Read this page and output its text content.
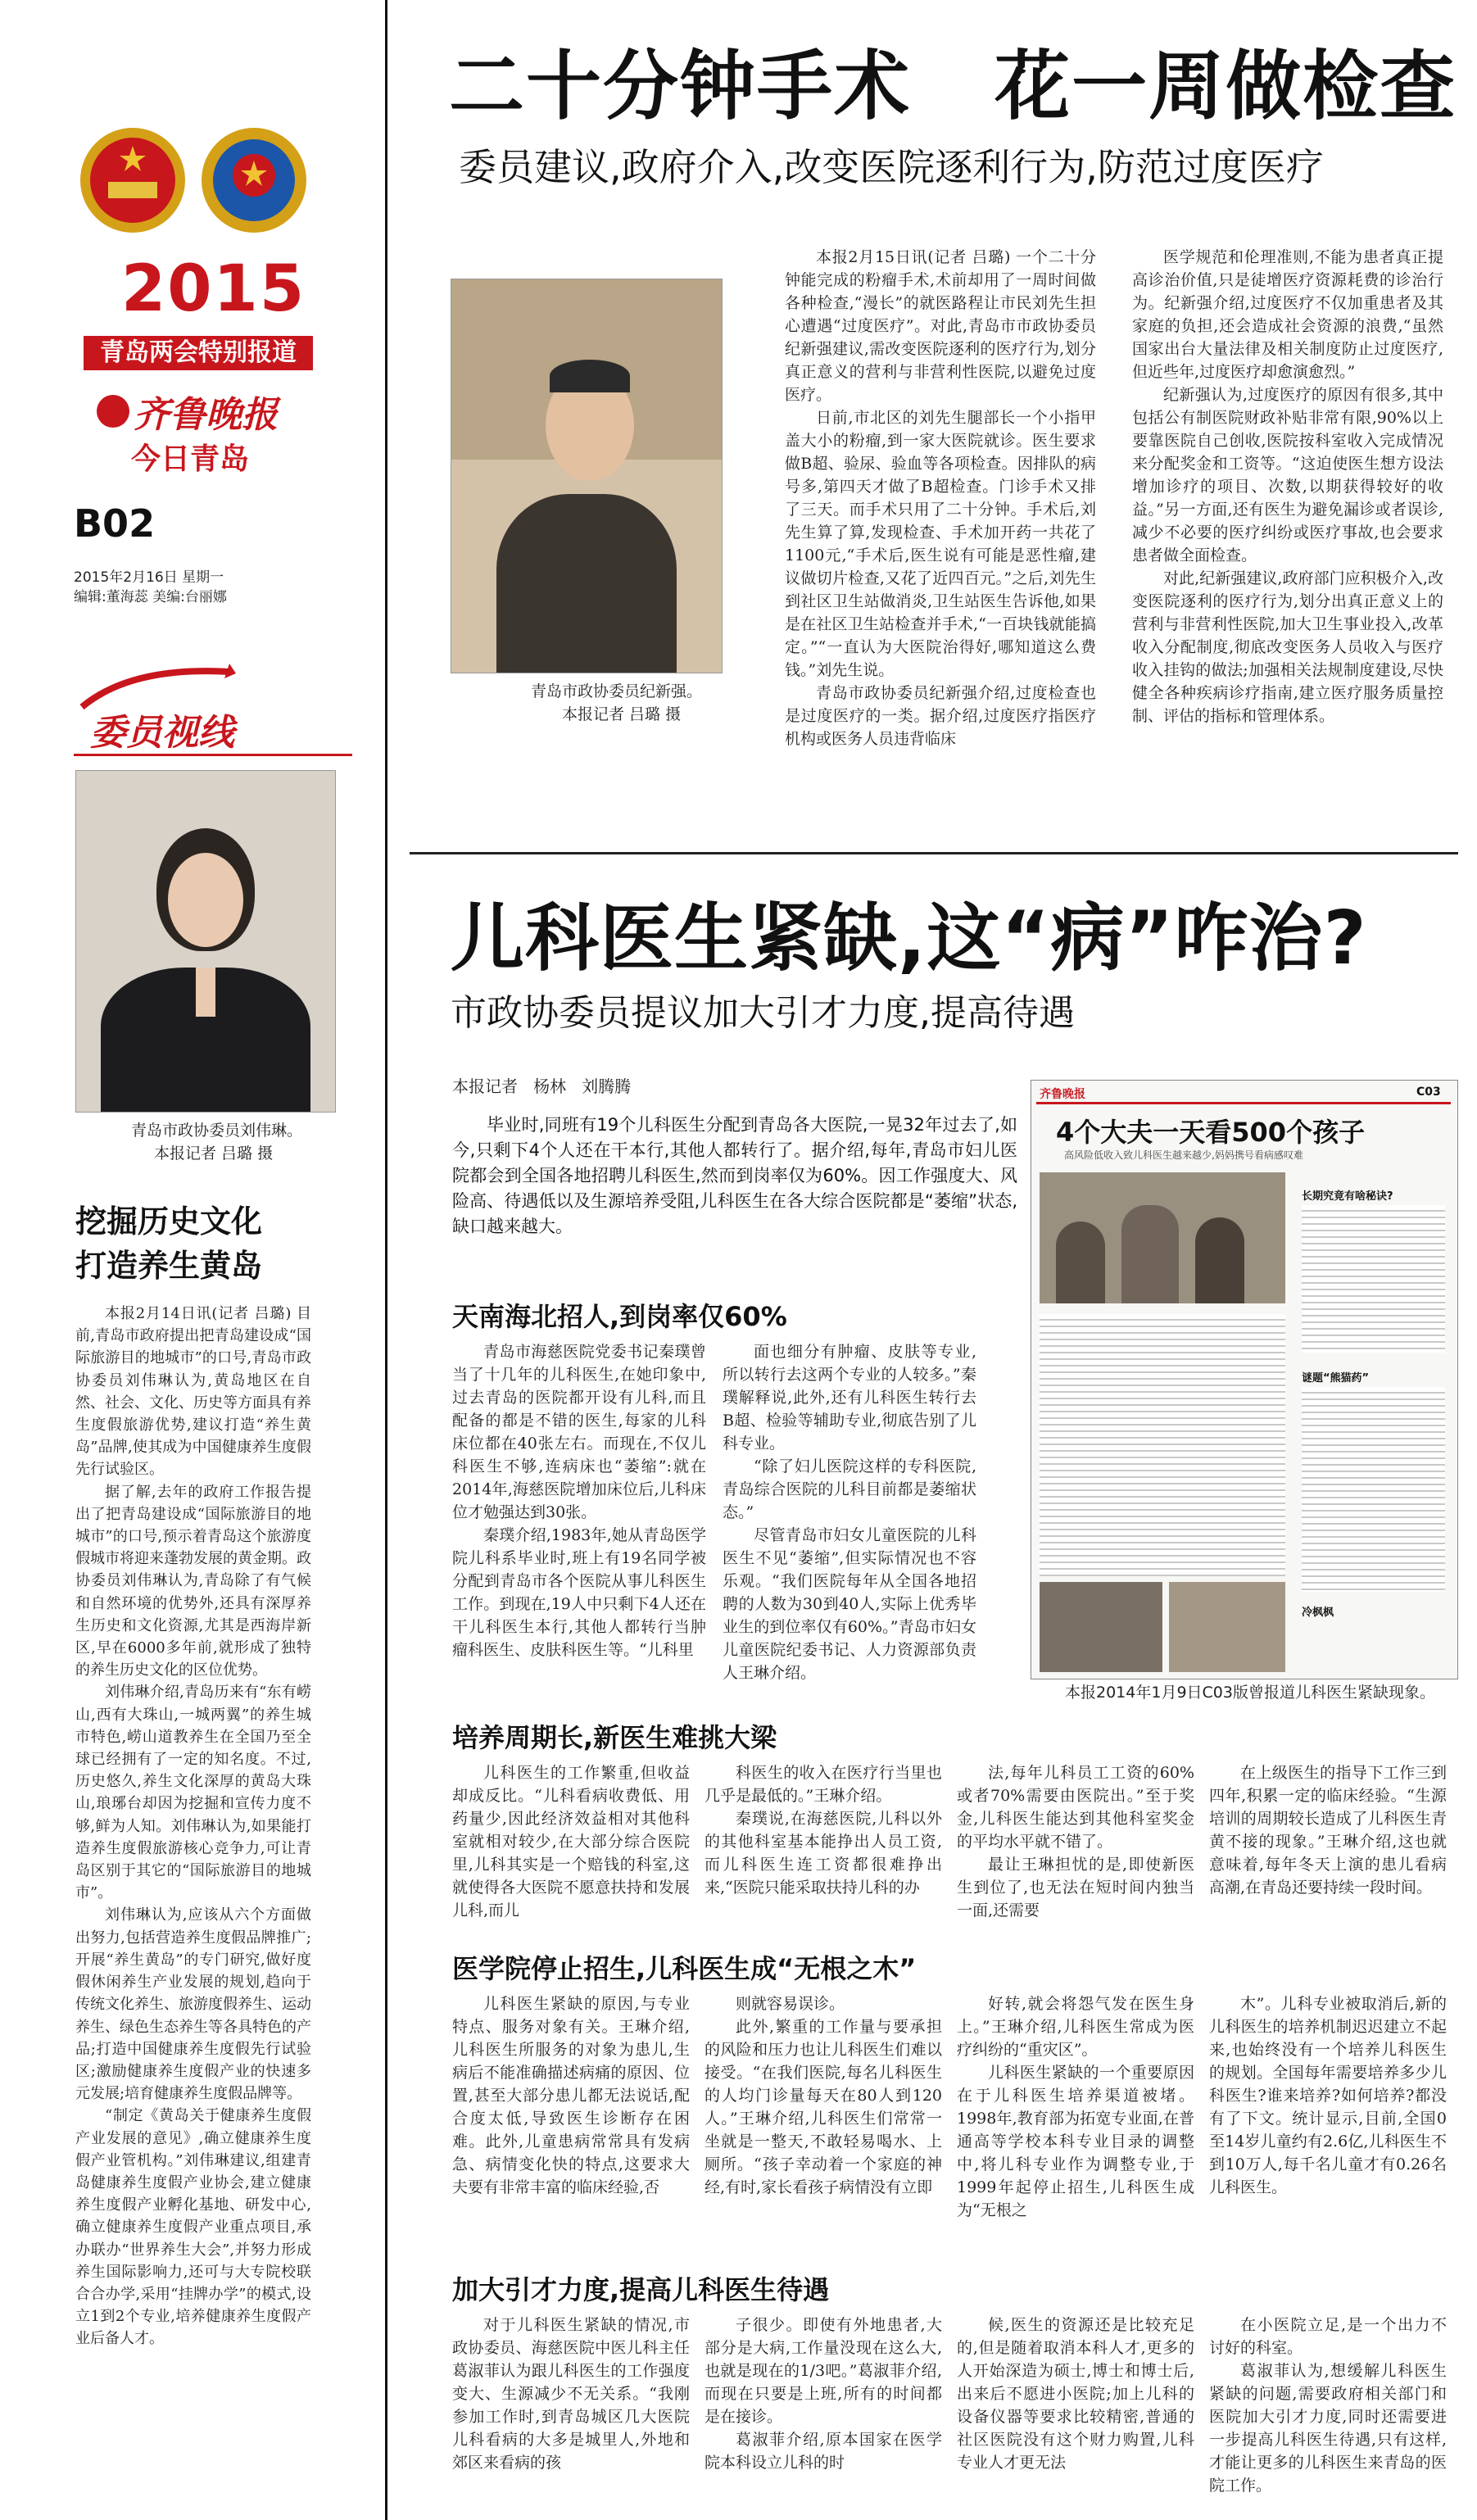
2015
青岛两会特别报道
齐鲁晚报
今日青岛
B02
2015年2月16日 星期一
编辑:董海蕊 美编:台丽娜
委员视线
青岛市政协委员刘伟琳。
本报记者 吕璐 摄
挖掘历史文化
打造养生黄岛

本报2月14日讯(记者 吕璐) 目前,青岛市政府提出把青岛建设成“国际旅游目的地城市”的口号,青岛市政协委员刘伟琳认为,黄岛地区在自然、社会、文化、历史等方面具有养生度假旅游优势,建议打造“养生黄岛”品牌,使其成为中国健康养生度假先行试验区。

据了解,去年的政府工作报告提出了把青岛建设成“国际旅游目的地城市”的口号,预示着青岛这个旅游度假城市将迎来蓬勃发展的黄金期。政协委员刘伟琳认为,青岛除了有气候和自然环境的优势外,还具有深厚养生历史和文化资源,尤其是西海岸新区,早在6000多年前,就形成了独特的养生历史文化的区位优势。

刘伟琳介绍,青岛历来有“东有崂山,西有大珠山,一城两翼”的养生城市特色,崂山道教养生在全国乃至全球已经拥有了一定的知名度。不过,历史悠久,养生文化深厚的黄岛大珠山,琅琊台却因为挖掘和宣传力度不够,鲜为人知。刘伟琳认为,如果能打造养生度假旅游核心竞争力,可让青岛区别于其它的“国际旅游目的地城市”。

刘伟琳认为,应该从六个方面做出努力,包括营造养生度假品牌推广;开展“养生黄岛”的专门研究,做好度假休闲养生产业发展的规划,趋向于传统文化养生、旅游度假养生、运动养生、绿色生态养生等各具特色的产品;打造中国健康养生度假先行试验区;激励健康养生度假产业的快速多元发展;培育健康养生度假品牌等。

“制定《黄岛关于健康养生度假产业发展的意见》,确立健康养生度假产业管机构。”刘伟琳建议,组建青岛健康养生度假产业协会,建立健康养生度假产业孵化基地、研发中心,确立健康养生度假产业重点项目,承办联办“世界养生大会”,并努力形成养生国际影响力,还可与大专院校联合合办学,采用“挂牌办学”的模式,设立1到2个专业,培养健康养生度假产业后备人才。

二十分钟手术   花一周做检查
委员建议,政府介入,改变医院逐利行为,防范过度医疗
青岛市政协委员纪新强。
本报记者 吕璐 摄

本报2月15日讯(记者 吕璐) 一个二十分钟能完成的粉瘤手术,术前却用了一周时间做各种检查,“漫长”的就医路程让市民刘先生担心遭遇“过度医疗”。对此,青岛市市政协委员纪新强建议,需改变医院逐利的医疗行为,划分真正意义的营利与非营利性医院,以避免过度医疗。

日前,市北区的刘先生腿部长一个小指甲盖大小的粉瘤,到一家大医院就诊。医生要求做B超、验尿、验血等各项检查。因排队的病号多,第四天才做了B超检查。门诊手术又排了三天。而手术只用了二十分钟。手术后,刘先生算了算,发现检查、手术加开药一共花了1100元,“手术后,医生说有可能是恶性瘤,建议做切片检查,又花了近四百元。”之后,刘先生到社区卫生站做消炎,卫生站医生告诉他,如果是在社区卫生站检查并手术,“一百块钱就能搞定。”“一直认为大医院治得好,哪知道这么费钱。”刘先生说。

青岛市政协委员纪新强介绍,过度检查也是过度医疗的一类。据介绍,过度医疗指医疗机构或医务人员违背临床

医学规范和伦理准则,不能为患者真正提高诊治价值,只是徒增医疗资源耗费的诊治行为。纪新强介绍,过度医疗不仅加重患者及其家庭的负担,还会造成社会资源的浪费,“虽然国家出台大量法律及相关制度防止过度医疗,但近些年,过度医疗却愈演愈烈。”

纪新强认为,过度医疗的原因有很多,其中包括公有制医院财政补贴非常有限,90%以上要靠医院自己创收,医院按科室收入完成情况来分配奖金和工资等。“这迫使医生想方设法增加诊疗的项目、次数,以期获得较好的收益。”另一方面,还有医生为避免漏诊或者误诊,减少不必要的医疗纠纷或医疗事故,也会要求患者做全面检查。

对此,纪新强建议,政府部门应积极介入,改变医院逐利的医疗行为,划分出真正意义上的营利与非营利性医院,加大卫生事业投入,改革收入分配制度,彻底改变医务人员收入与医疗收入挂钩的做法;加强相关法规制度建设,尽快健全各种疾病诊疗指南,建立医疗服务质量控制、评估的指标和管理体系。

儿科医生紧缺,这“病”咋治?
市政协委员提议加大引才力度,提高待遇
本报记者   杨林   刘腾腾

毕业时,同班有19个儿科医生分配到青岛各大医院,一晃32年过去了,如今,只剩下4个人还在干本行,其他人都转行了。据介绍,每年,青岛市妇儿医院都会到全国各地招聘儿科医生,然而到岗率仅为60%。因工作强度大、风险高、待遇低以及生源培养受阻,儿科医生在各大综合医院都是“萎缩”状态,缺口越来越大。

齐鲁晚报	C03
4个大夫一天看500个孩子
高风险低收入致儿科医生越来越少,妈妈携号看病感叹难
长期究竟有啥秘诀?
谜题“熊猫药”
冷枫枫
本报2014年1月9日C03版曾报道儿科医生紧缺现象。
天南海北招人,到岗率仅60%

青岛市海慈医院党委书记秦璞曾当了十几年的儿科医生,在她印象中,过去青岛的医院都开设有儿科,而且配备的都是不错的医生,每家的儿科床位都在40张左右。而现在,不仅儿科医生不够,连病床也“萎缩”:就在2014年,海慈医院增加床位后,儿科床位才勉强达到30张。

秦璞介绍,1983年,她从青岛医学院儿科系毕业时,班上有19名同学被分配到青岛市各个医院从事儿科医生工作。到现在,19人中只剩下4人还在干儿科医生本行,其他人都转行当肿瘤科医生、皮肤科医生等。“儿科里

面也细分有肿瘤、皮肤等专业,所以转行去这两个专业的人较多。”秦璞解释说,此外,还有儿科医生转行去B超、检验等辅助专业,彻底告别了儿科专业。

“除了妇儿医院这样的专科医院,青岛综合医院的儿科目前都是萎缩状态。”

尽管青岛市妇女儿童医院的儿科医生不见“萎缩”,但实际情况也不容乐观。“我们医院每年从全国各地招聘的人数为30到40人,实际上优秀毕业生的到位率仅有60%。”青岛市妇女儿童医院纪委书记、人力资源部负责人王琳介绍。

培养周期长,新医生难挑大梁

儿科医生的工作繁重,但收益却成反比。“儿科看病收费低、用药量少,因此经济效益相对其他科室就相对较少,在大部分综合医院里,儿科其实是一个赔钱的科室,这就使得各大医院不愿意扶持和发展儿科,而儿

科医生的收入在医疗行当里也几乎是最低的。”王琳介绍。

秦璞说,在海慈医院,儿科以外的其他科室基本能挣出人员工资,而儿科医生连工资都很难挣出来,“医院只能采取扶持儿科的办

法,每年儿科员工工资的60%或者70%需要由医院出。”至于奖金,儿科医生能达到其他科室奖金的平均水平就不错了。

最让王琳担忧的是,即使新医生到位了,也无法在短时间内独当一面,还需要

在上级医生的指导下工作三到四年,积累一定的临床经验。“生源培训的周期较长造成了儿科医生青黄不接的现象。”王琳介绍,这也就意味着,每年冬天上演的患儿看病高潮,在青岛还要持续一段时间。

医学院停止招生,儿科医生成“无根之木”

儿科医生紧缺的原因,与专业特点、服务对象有关。王琳介绍,儿科医生所服务的对象为患儿,生病后不能准确描述病痛的原因、位置,甚至大部分患儿都无法说话,配合度太低,导致医生诊断存在困难。此外,儿童患病常常具有发病急、病情变化快的特点,这要求大夫要有非常丰富的临床经验,否

则就容易误诊。

此外,繁重的工作量与要承担的风险和压力也让儿科医生们难以接受。“在我们医院,每名儿科医生的人均门诊量每天在80人到120人。”王琳介绍,儿科医生们常常一坐就是一整天,不敢轻易喝水、上厕所。“孩子幸动着一个家庭的神经,有时,家长看孩子病情没有立即

好转,就会将怨气发在医生身上。”王琳介绍,儿科医生常成为医疗纠纷的“重灾区”。

儿科医生紧缺的一个重要原因在于儿科医生培养渠道被堵。1998年,教育部为拓宽专业面,在普通高等学校本科专业目录的调整中,将儿科专业作为调整专业,于1999年起停止招生,儿科医生成为“无根之

木”。儿科专业被取消后,新的儿科医生的培养机制迟迟建立不起来,也始终没有一个培养儿科医生的规划。全国每年需要培养多少儿科医生?谁来培养?如何培养?都没有了下文。统计显示,目前,全国0至14岁儿童约有2.6亿,儿科医生不到10万人,每千名儿童才有0.26名儿科医生。

加大引才力度,提高儿科医生待遇

对于儿科医生紧缺的情况,市政协委员、海慈医院中医儿科主任葛淑菲认为跟儿科医生的工作强度变大、生源减少不无关系。“我刚参加工作时,到青岛城区几大医院儿科看病的大多是城里人,外地和郊区来看病的孩

子很少。即使有外地患者,大部分是大病,工作量没现在这么大,也就是现在的1/3吧。”葛淑菲介绍,而现在只要是上班,所有的时间都是在接诊。

葛淑菲介绍,原本国家在医学院本科设立儿科的时

候,医生的资源还是比较充足的,但是随着取消本科人才,更多的人开始深造为硕士,博士和博士后,出来后不愿进小医院;加上儿科的设备仪器等要求比较精密,普通的社区医院没有这个财力购置,儿科专业人才更无法

在小医院立足,是一个出力不讨好的科室。

葛淑菲认为,想缓解儿科医生紧缺的问题,需要政府相关部门和医院加大引才力度,同时还需要进一步提高儿科医生待遇,只有这样,才能让更多的儿科医生来青岛的医院工作。
